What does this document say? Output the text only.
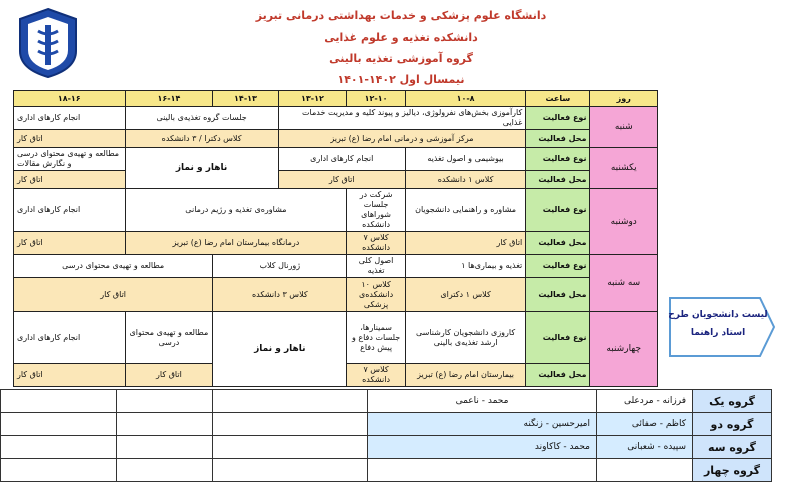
دانشگاه علوم پزشکی و خدمات بهداشتی درمانی تبریز
دانشکده تغذیه و علوم غذایی
گروه آموزشی تغذیه بالینی
نیمسال اول ۱۴۰۲-۱۴۰۱
روز	ساعت	۱۰-۸	۱۲-۱۰	۱۳-۱۲	۱۴-۱۳	۱۶-۱۴	۱۸-۱۶
شنبه	نوع فعالیت	کارآموزی بخش‌های نفرولوژی، دیالیز و پیوند کلیه و مدیریت خدمات غذایی			جلسات گروه تغذیه‌ی بالینی		انجام کارهای اداری
	محل فعالیت	مرکز آموزشی و درمانی امام رضا (ع) تبریز			کلاس دکترا / ۳ دانشکده		اتاق کار
یکشنبه	نوع فعالیت	بیوشیمی و اصول تغذیه	انجام کارهای اداری		ناهار و نماز		مطالعه و تهیه‌ی محتوای درسی و نگارش مقالات
	محل فعالیت	کلاس ۱ دانشکده	اتاق کار				اتاق کار
دوشنبه	نوع فعالیت	مشاوره و راهنمایی دانشجویان	شرکت در جلسات شوراهای دانشکده	مشاوره‌ی تغذیه و رژیم درمانی			انجام کارهای اداری
	محل فعالیت	اتاق کار	کلاس ۷ دانشکده	درمانگاه بیمارستان امام رضا (ع) تبریز			اتاق کار
سه شنبه	نوع فعالیت	تغذیه و بیماری‌ها ۱	اصول کلی تغذیه	ژورنال کلاب		مطالعه و تهیه‌ی محتوای درسی	
	محل فعالیت	کلاس ۱ دکترای	کلاس ۱۰ دانشکده‌ی پزشکی	کلاس ۳ دانشکده		اتاق کار	
چهارشنبه	نوع فعالیت	کاروزی دانشجویان کارشناسی ارشد تغذیه‌ی بالینی	سمینارها، جلسات دفاع و پیش دفاع	ناهار و نماز		مطالعه و تهیه‌ی محتوای درسی	انجام کارهای اداری
	محل فعالیت	بیمارستان امام رضا (ع) تبریز	کلاس ۷ دانشکده			اتاق کار	اتاق کار
لیست دانشجویان طرح
استاد راهنما
گروه یک	فرزانه - مردعلی	محمد - ناعمی			
گروه دو	کاظم - صفائی	امیرحسین - زنگنه			
گروه سه	سپیده - شعبانی	محمد - کاکاوند			
گروه چهار					
